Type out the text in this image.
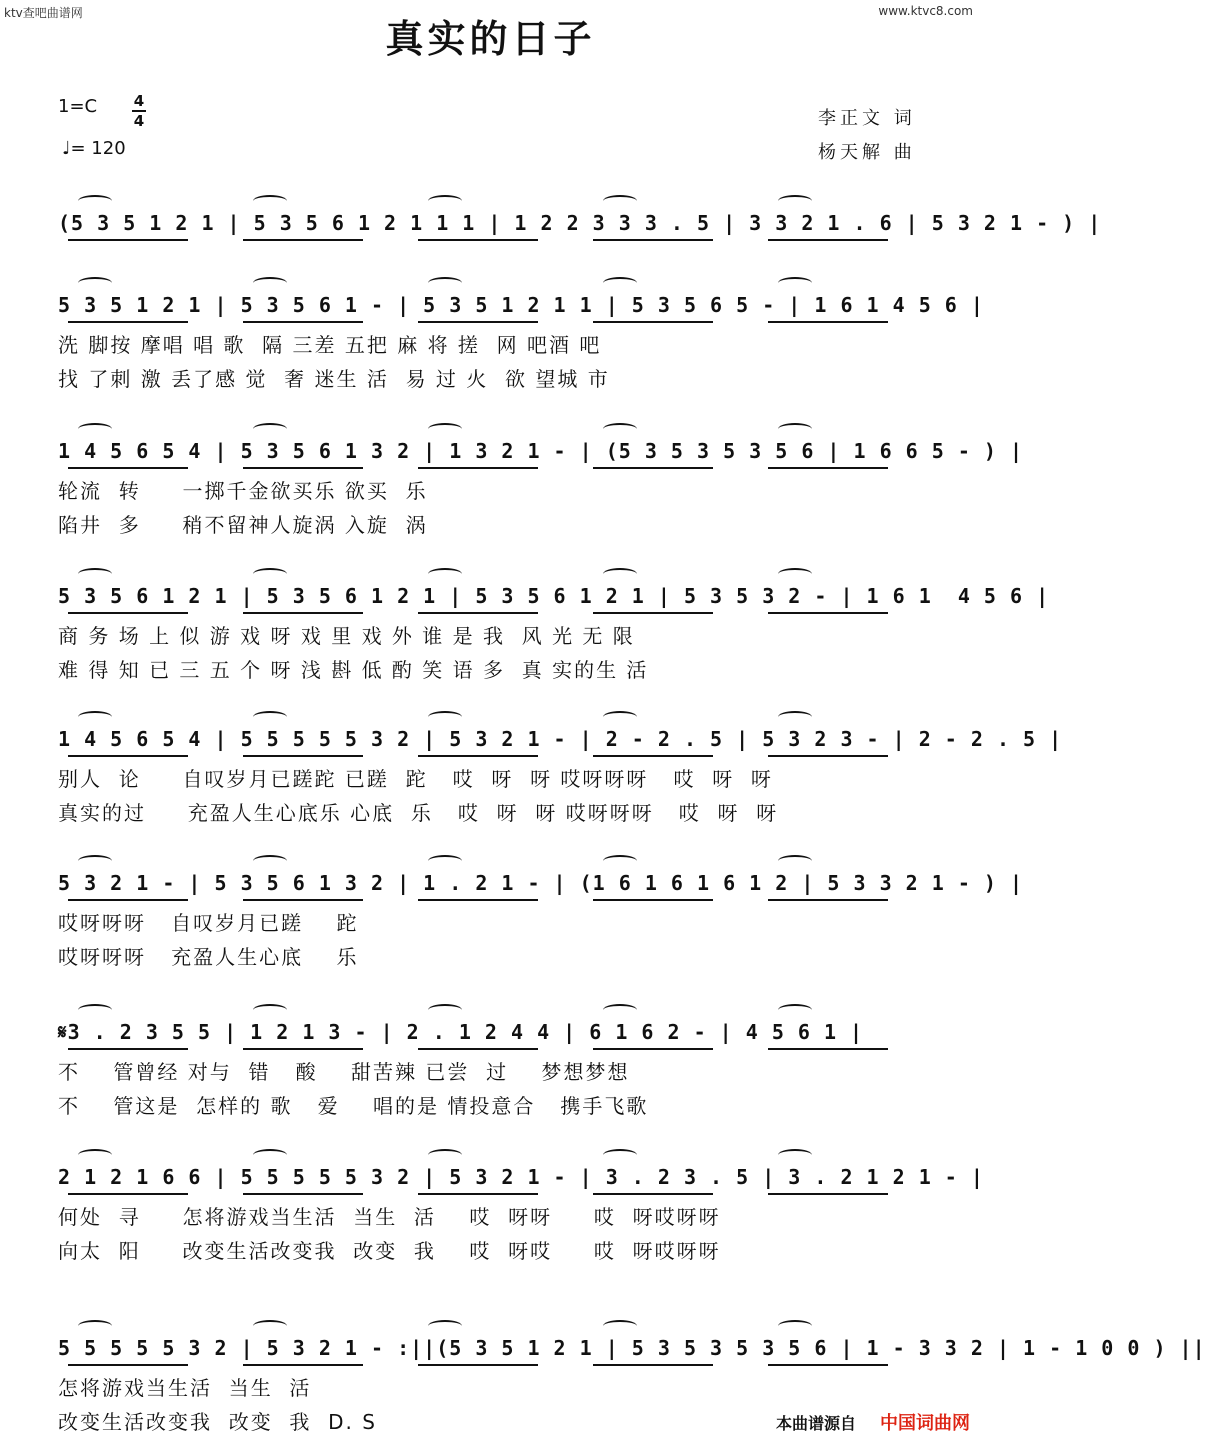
ktv查吧曲谱网	www.ktvc8.com
真实的日子
1=C 4
4
♩= 120
李正文 词
杨天解 曲
(5 3 5 1 2 1 | 5 3 5 6 1 2 1 1 1 | 1 2 2 3 3 3 . 5 | 3 3 2 1 . 6 | 5 3 2 1 - ) |
5 3 5 1 2 1 | 5 3 5 6 1 - | 5 3 5 1 2 1 1 | 5 3 5 6 5 - | 1 6 1 4 5 6 |
洗 脚按 摩唱 唱 歌  隔 三差 五把 麻 将 搓  网 吧酒 吧
找 了刺 激 丢了感 觉  奢 迷生 活  易 过 火  欲 望城 市
1 4 5 6 5 4 | 5 3 5 6 1 3 2 | 1 3 2 1 - | (5 3 5 3 5 3 5 6 | 1 6 6 5 - ) |
轮流  转     一掷千金欲买乐 欲买  乐
陷井  多     稍不留神人旋涡 入旋  涡
5 3 5 6 1 2 1 | 5 3 5 6 1 2 1 | 5 3 5 6 1 2 1 | 5 3 5 3 2 - | 1 6 1  4 5 6 |
商 务 场 上 似 游 戏 呀 戏 里 戏 外 谁 是 我  风 光 无 限
难 得 知 已 三 五 个 呀 浅 斟 低 酌 笑 语 多  真 实的生 活
1 4 5 6 5 4 | 5 5 5 5 5 3 2 | 5 3 2 1 - | 2 - 2 . 5 | 5 3 2 3 - | 2 - 2 . 5 |
别人  论     自叹岁月已蹉跎 已蹉  跎   哎  呀  呀 哎呀呀呀   哎  呀  呀
真实的过     充盈人生心底乐 心底  乐   哎  呀  呀 哎呀呀呀   哎  呀  呀
5 3 2 1 - | 5 3 5 6 1 3 2 | 1 . 2 1 - | (1 6 1 6 1 6 1 2 | 5 3 3 2 1 - ) |
哎呀呀呀   自叹岁月已蹉    跎
哎呀呀呀   充盈人生心底    乐
𝄋3 . 2 3 5 5 | 1 2 1 3 - | 2 . 1 2 4 4 | 6 1 6 2 - | 4 5 6 1 |
不    管曾经 对与  错   酸    甜苦辣 已尝  过    梦想梦想
不    管这是  怎样的 歌   爱    唱的是 情投意合   携手飞歌
2 1 2 1 6 6 | 5 5 5 5 5 3 2 | 5 3 2 1 - | 3 . 2 3 . 5 | 3 . 2 1 2 1 - |
何处  寻     怎将游戏当生活  当生  活    哎  呀呀     哎  呀哎呀呀
向太  阳     改变生活改变我  改变  我    哎  呀哎     哎  呀哎呀呀
5 5 5 5 5 3 2 | 5 3 2 1 - :||(5 3 5 1 2 1 | 5 3 5 3 5 3 5 6 | 1 - 3 3 2 | 1 - 1 0 0 ) ||
怎将游戏当生活  当生  活
改变生活改变我  改变  我  D. S	本曲谱源自 中国词曲网
